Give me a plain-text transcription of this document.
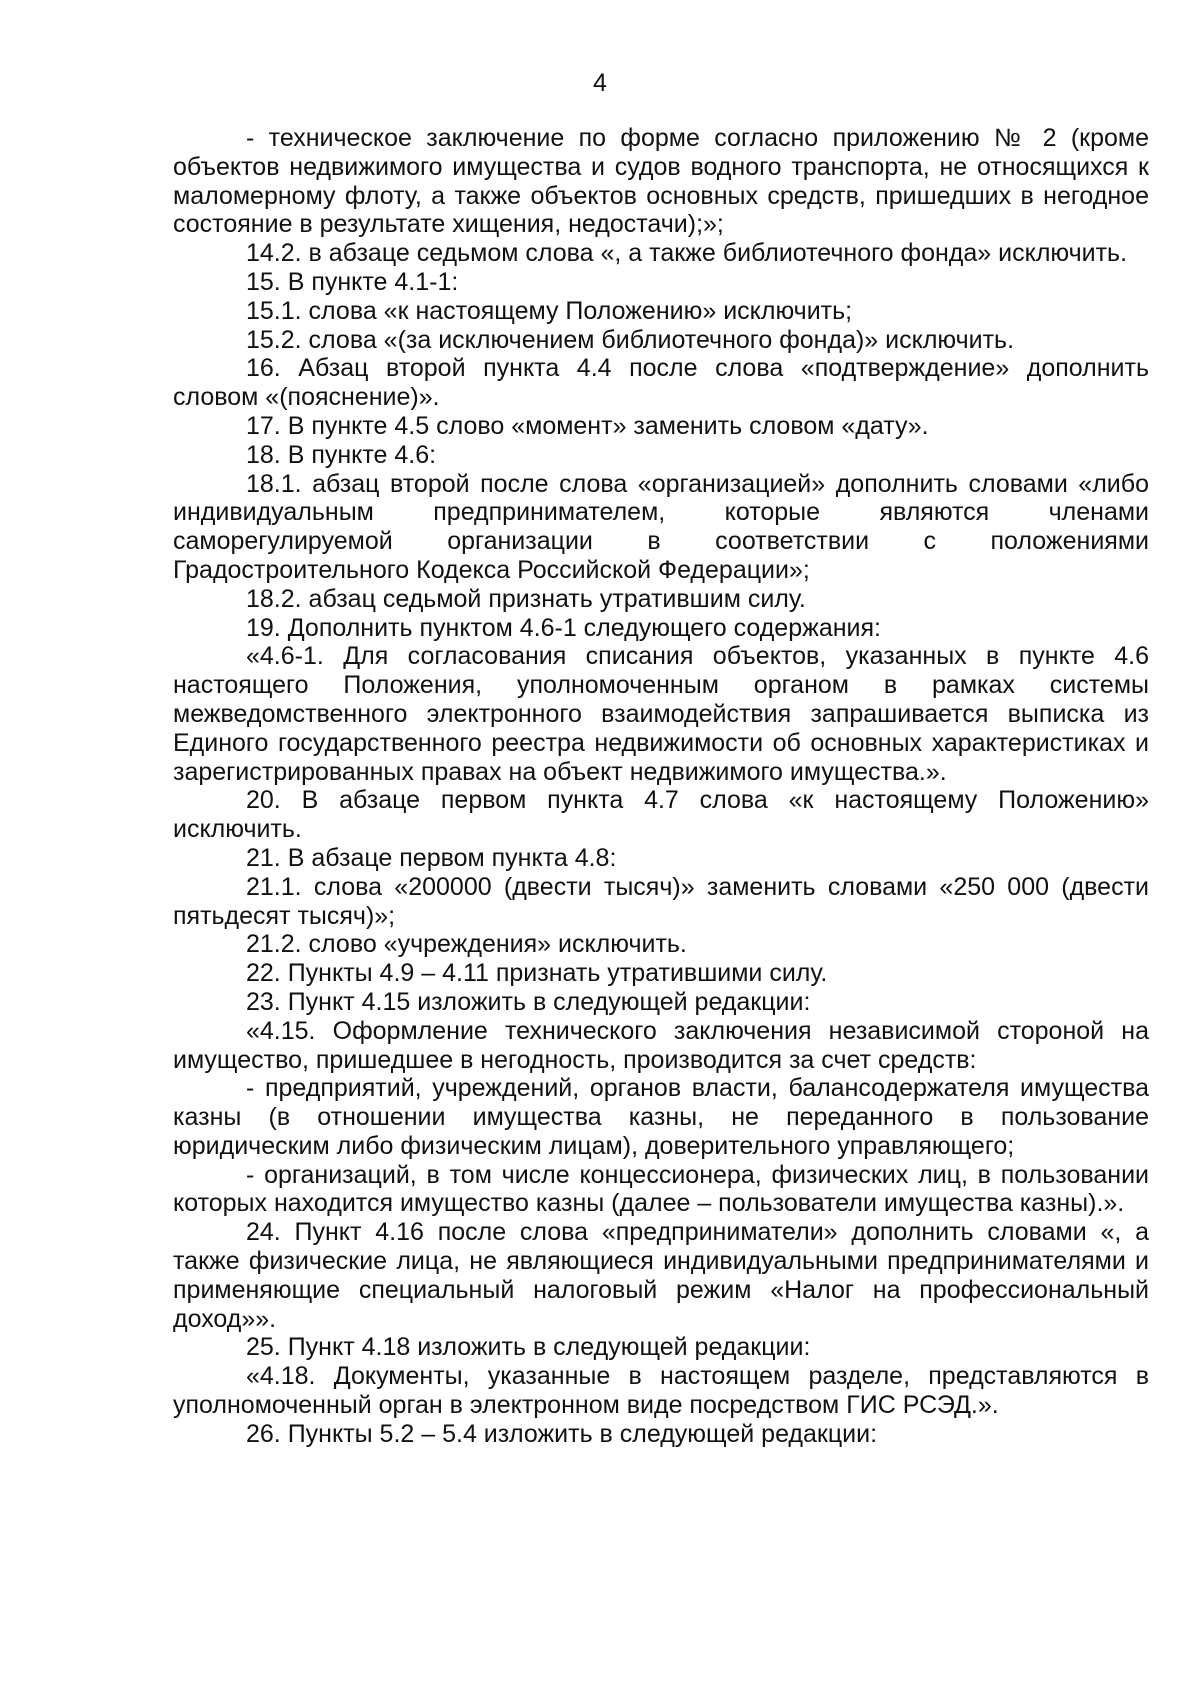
4

- техническое заключение по форме согласно приложению № 2 (кроме объектов недвижимого имущества и судов водного транспорта, не относящихся к маломерному флоту, а также объектов основных средств, пришедших в негодное состояние в результате хищения, недостачи);»;

14.2. в абзаце седьмом слова «, а также библиотечного фонда» исключить.

15. В пункте 4.1-1:

15.1. слова «к настоящему Положению» исключить;

15.2. слова «(за исключением библиотечного фонда)» исключить.

16. Абзац второй пункта 4.4 после слова «подтверждение» дополнить словом «(пояснение)».

17. В пункте 4.5 слово «момент» заменить словом «дату».

18. В пункте 4.6:

18.1. абзац второй после слова «организацией» дополнить словами «либо индивидуальным предпринимателем, которые являются членами саморегулируемой организации в соответствии с положениями Градостроительного Кодекса Российской Федерации»;

18.2. абзац седьмой признать утратившим силу.

19. Дополнить пунктом 4.6-1 следующего содержания:

«4.6-1. Для согласования списания объектов, указанных в пункте 4.6 настоящего Положения, уполномоченным органом в рамках системы межведомственного электронного взаимодействия запрашивается выписка из Единого государственного реестра недвижимости об основных характеристиках и зарегистрированных правах на объект недвижимого имущества.».

20. В абзаце первом пункта 4.7 слова «к настоящему Положению» исключить.

21. В абзаце первом пункта 4.8:

21.1. слова «200000 (двести тысяч)» заменить словами «250 000 (двести пятьдесят тысяч)»;

21.2. слово «учреждения» исключить.

22. Пункты 4.9 – 4.11 признать утратившими силу.

23. Пункт 4.15 изложить в следующей редакции:

«4.15. Оформление технического заключения независимой стороной на имущество, пришедшее в негодность, производится за счет средств:

- предприятий, учреждений, органов власти, балансодержателя имущества казны (в отношении имущества казны, не переданного в пользование юридическим либо физическим лицам), доверительного управляющего;

- организаций, в том числе концессионера, физических лиц, в пользовании которых находится имущество казны (далее – пользователи имущества казны).».

24. Пункт 4.16 после слова «предприниматели» дополнить словами «, а также физические лица, не являющиеся индивидуальными предпринимателями и применяющие специальный налоговый режим «Налог на профессиональный доход»».

25. Пункт 4.18 изложить в следующей редакции:

«4.18. Документы, указанные в настоящем разделе, представляются в уполномоченный орган в электронном виде посредством ГИС РСЭД.».

26. Пункты 5.2 – 5.4 изложить в следующей редакции:
